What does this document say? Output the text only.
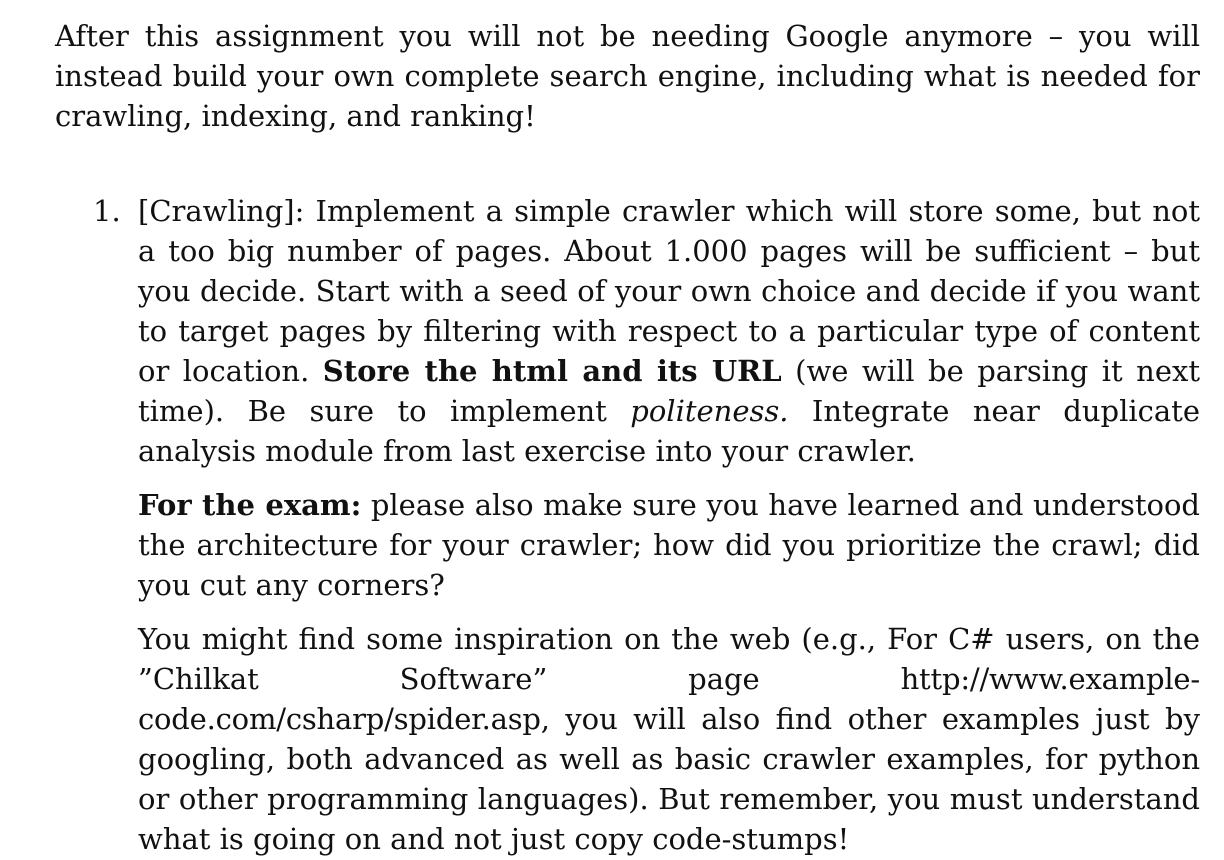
After this assignment you will not be needing Google anymore – you will instead build your own complete search engine, including what is needed for crawling, indexing, and ranking!

1. [Crawling]: Implement a simple crawler which will store some, but not a too big number of pages. About 1.000 pages will be sufficient – but you decide. Start with a seed of your own choice and decide if you want to target pages by filtering with respect to a particular type of content or location. Store the html and its URL (we will be parsing it next time). Be sure to implement politeness. Integrate near duplicate analysis module from last exercise into your crawler.

For the exam: please also make sure you have learned and understood the architecture for your crawler; how did you prioritize the crawl; did you cut any corners?

You might find some inspiration on the web (e.g., For C# users, on the ”Chilkat Software” page http://www.example-code.com/csharp/spider.asp, you will also find other examples just by googling, both advanced as well as basic crawler examples, for python or other programming languages). But remember, you must understand what is going on and not just copy code-stumps!
